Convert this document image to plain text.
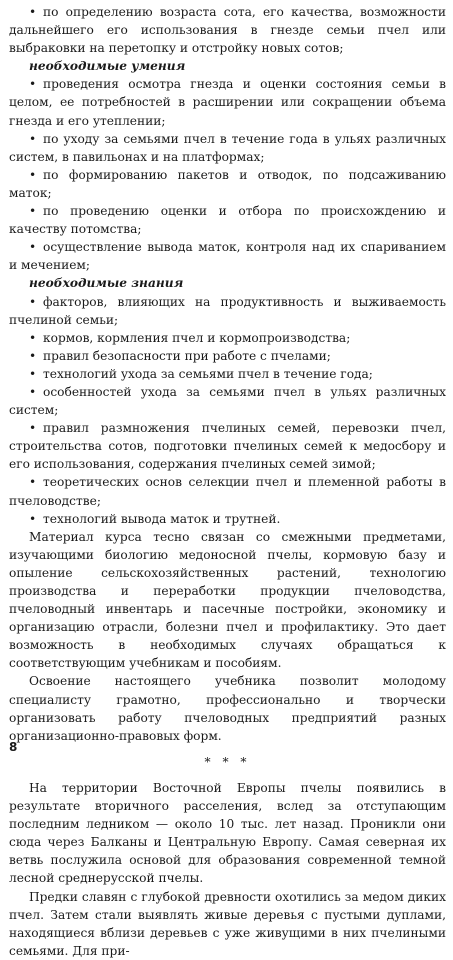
• по определению возраста сота, его качества, возможности дальнейшего его использования в гнезде семьи пчел или выбраковки на перетопку и отстройку новых сотов;

необходимые умения

• проведения осмотра гнезда и оценки состояния семьи в целом, ее потребностей в расширении или сокращении объема гнезда и его утеплении;

• по уходу за семьями пчел в течение года в ульях различных систем, в павильонах и на платформах;

• по формированию пакетов и отводок, по подсаживанию маток;

• по проведению оценки и отбора по происхождению и качеству потомства;

• осуществление вывода маток, контроля над их спариванием и мечением;

необходимые знания

• факторов, влияющих на продуктивность и выживаемость пчелиной семьи;

• кормов, кормления пчел и кормопроизводства;

• правил безопасности при работе с пчелами;

• технологий ухода за семьями пчел в течение года;

• особенностей ухода за семьями пчел в ульях различных систем;

• правил размножения пчелиных семей, перевозки пчел, строительства сотов, подготовки пчелиных семей к медосбору и его использования, содержания пчелиных семей зимой;

• теоретических основ селекции пчел и племенной работы в пчеловодстве;

• технологий вывода маток и трутней.

Материал курса тесно связан со смежными предметами, изучающими биологию медоносной пчелы, кормовую базу и опыление сельскохозяйственных растений, технологию производства и переработки продукции пчеловодства, пчеловодный инвентарь и пасечные постройки, экономику и организацию отрасли, болезни пчел и профилактику. Это дает возможность в необходимых случаях обращаться к соответствующим учебникам и пособиям.

Освоение настоящего учебника позволит молодому специалисту грамотно, профессионально и творчески организовать работу пчеловодных предприятий разных организационно-правовых форм.

* * *

На территории Восточной Европы пчелы появились в результате вторичного расселения, вслед за отступающим последним ледником — около 10 тыс. лет назад. Проникли они сюда через Балканы и Центральную Европу. Самая северная их ветвь послужила основой для образования современной темной лесной среднерусской пчелы.

Предки славян с глубокой древности охотились за медом диких пчел. Затем стали выявлять живые деревья с пустыми дуплами, находящиеся вблизи деревьев с уже живущими в них пчелиными семьями. Для при-

8
